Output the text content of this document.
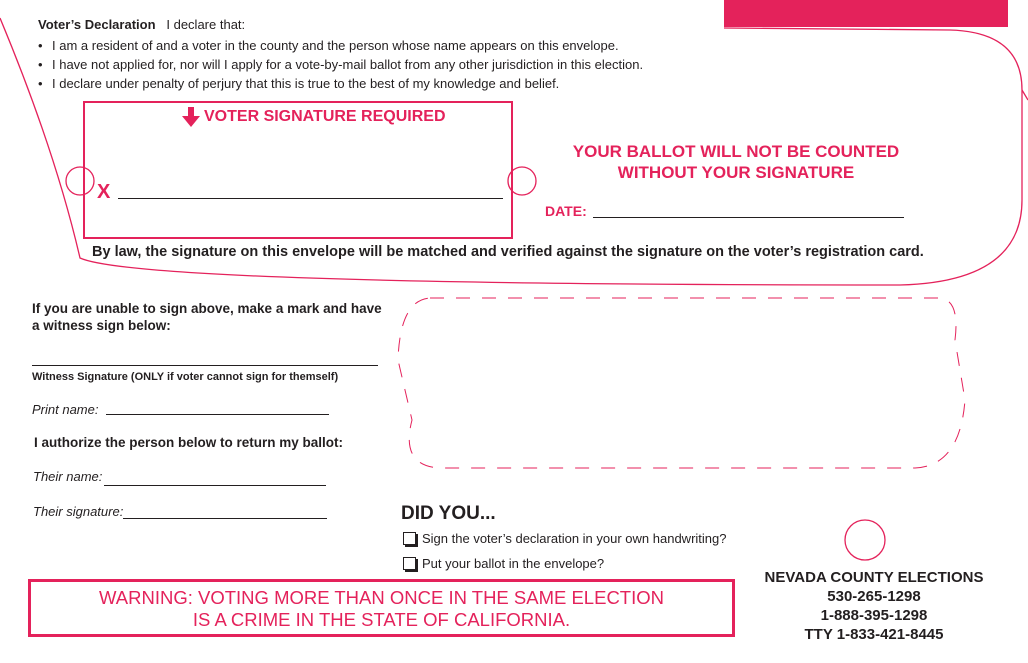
Voter’s Declaration I declare that:
• I am a resident of and a voter in the county and the person whose name appears on this envelope.
• I have not applied for, nor will I apply for a vote-by-mail ballot from any other jurisdiction in this election.
• I declare under penalty of perjury that this is true to the best of my knowledge and belief.
VOTER SIGNATURE REQUIRED
X
YOUR BALLOT WILL NOT BE COUNTED
WITHOUT YOUR SIGNATURE
DATE:
By law, the signature on this envelope will be matched and verified against the signature on the voter’s registration card.
If you are unable to sign above, make a mark and have a witness sign below:
Witness Signature (ONLY if voter cannot sign for themself)
Print name:
I authorize the person below to return my ballot:
Their name:
Their signature:	DID YOU...
Sign the voter’s declaration in your own handwriting?
Put your ballot in the envelope?
WARNING: VOTING MORE THAN ONCE IN THE SAME ELECTION
IS A CRIME IN THE STATE OF CALIFORNIA.
NEVADA COUNTY ELECTIONS
530-265-1298
1-888-395-1298
TTY 1-833-421-8445
